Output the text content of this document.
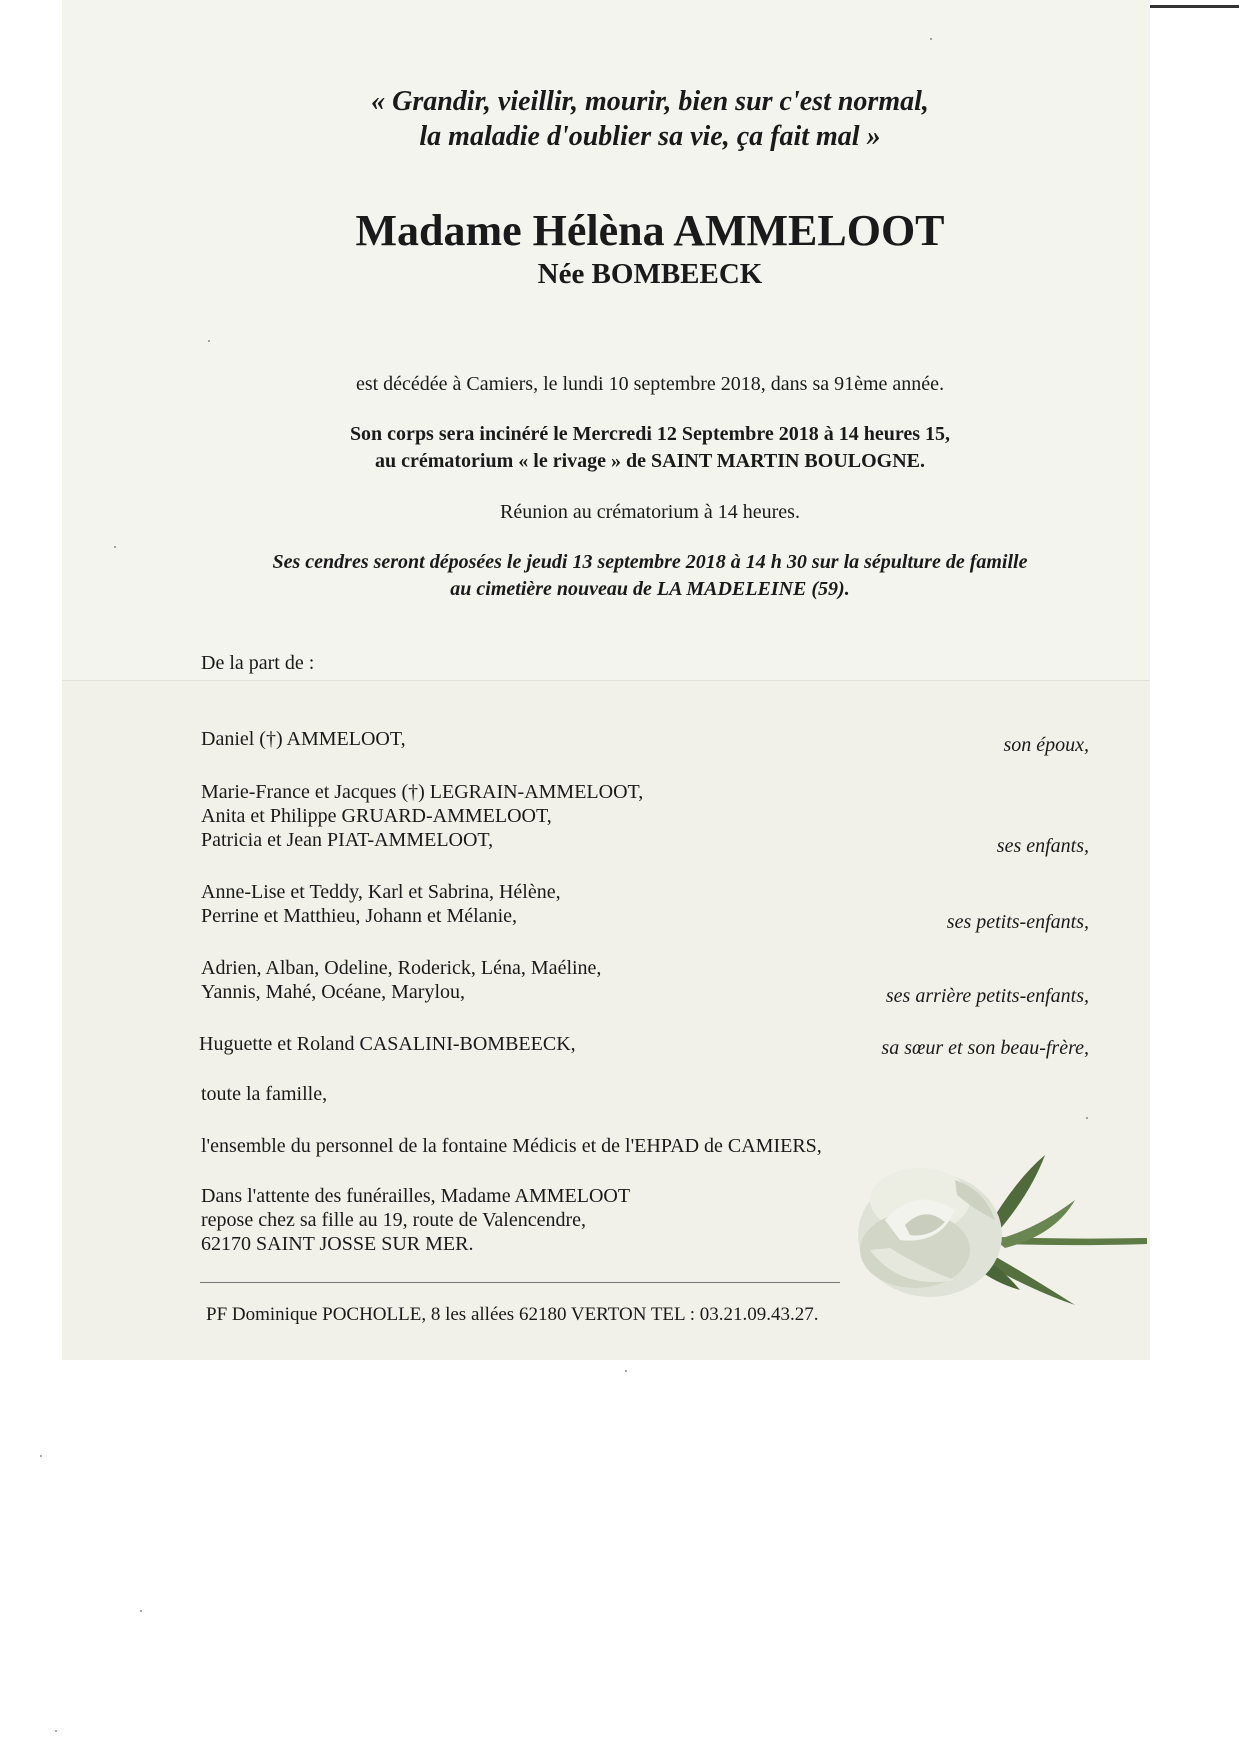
« Grandir, vieillir, mourir, bien sur c'est normal,
la maladie d'oublier sa vie, ça fait mal »
Madame Hélèna AMMELOOT
Née BOMBEECK
est décédée à Camiers, le lundi 10 septembre 2018, dans sa 91ème année.
Son corps sera incinéré le Mercredi 12 Septembre 2018 à 14 heures 15,
au crématorium « le rivage » de SAINT MARTIN BOULOGNE.
Réunion au crématorium à 14 heures.
Ses cendres seront déposées le jeudi 13 septembre 2018 à 14 h 30 sur la sépulture de famille
au cimetière nouveau de LA MADELEINE (59).
De la part de :
Daniel (†) AMMELOOT,	son époux,
Marie-France et Jacques (†) LEGRAIN-AMMELOOT,
Anita et Philippe GRUARD-AMMELOOT,
Patricia et Jean PIAT-AMMELOOT,	ses enfants,
Anne-Lise et Teddy, Karl et Sabrina, Hélène,
Perrine et Matthieu, Johann et Mélanie,	ses petits-enfants,
Adrien, Alban, Odeline, Roderick, Léna, Maéline,
Yannis, Mahé, Océane, Marylou,	ses arrière petits-enfants,
Huguette et Roland CASALINI-BOMBEECK,	sa sœur et son beau-frère,
toute la famille,
l'ensemble du personnel de la fontaine Médicis et de l'EHPAD de CAMIERS,
Dans l'attente des funérailles, Madame AMMELOOT
repose chez sa fille au 19, route de Valencendre,
62170 SAINT JOSSE SUR MER.
PF Dominique POCHOLLE, 8 les allées 62180 VERTON TEL : 03.21.09.43.27.
